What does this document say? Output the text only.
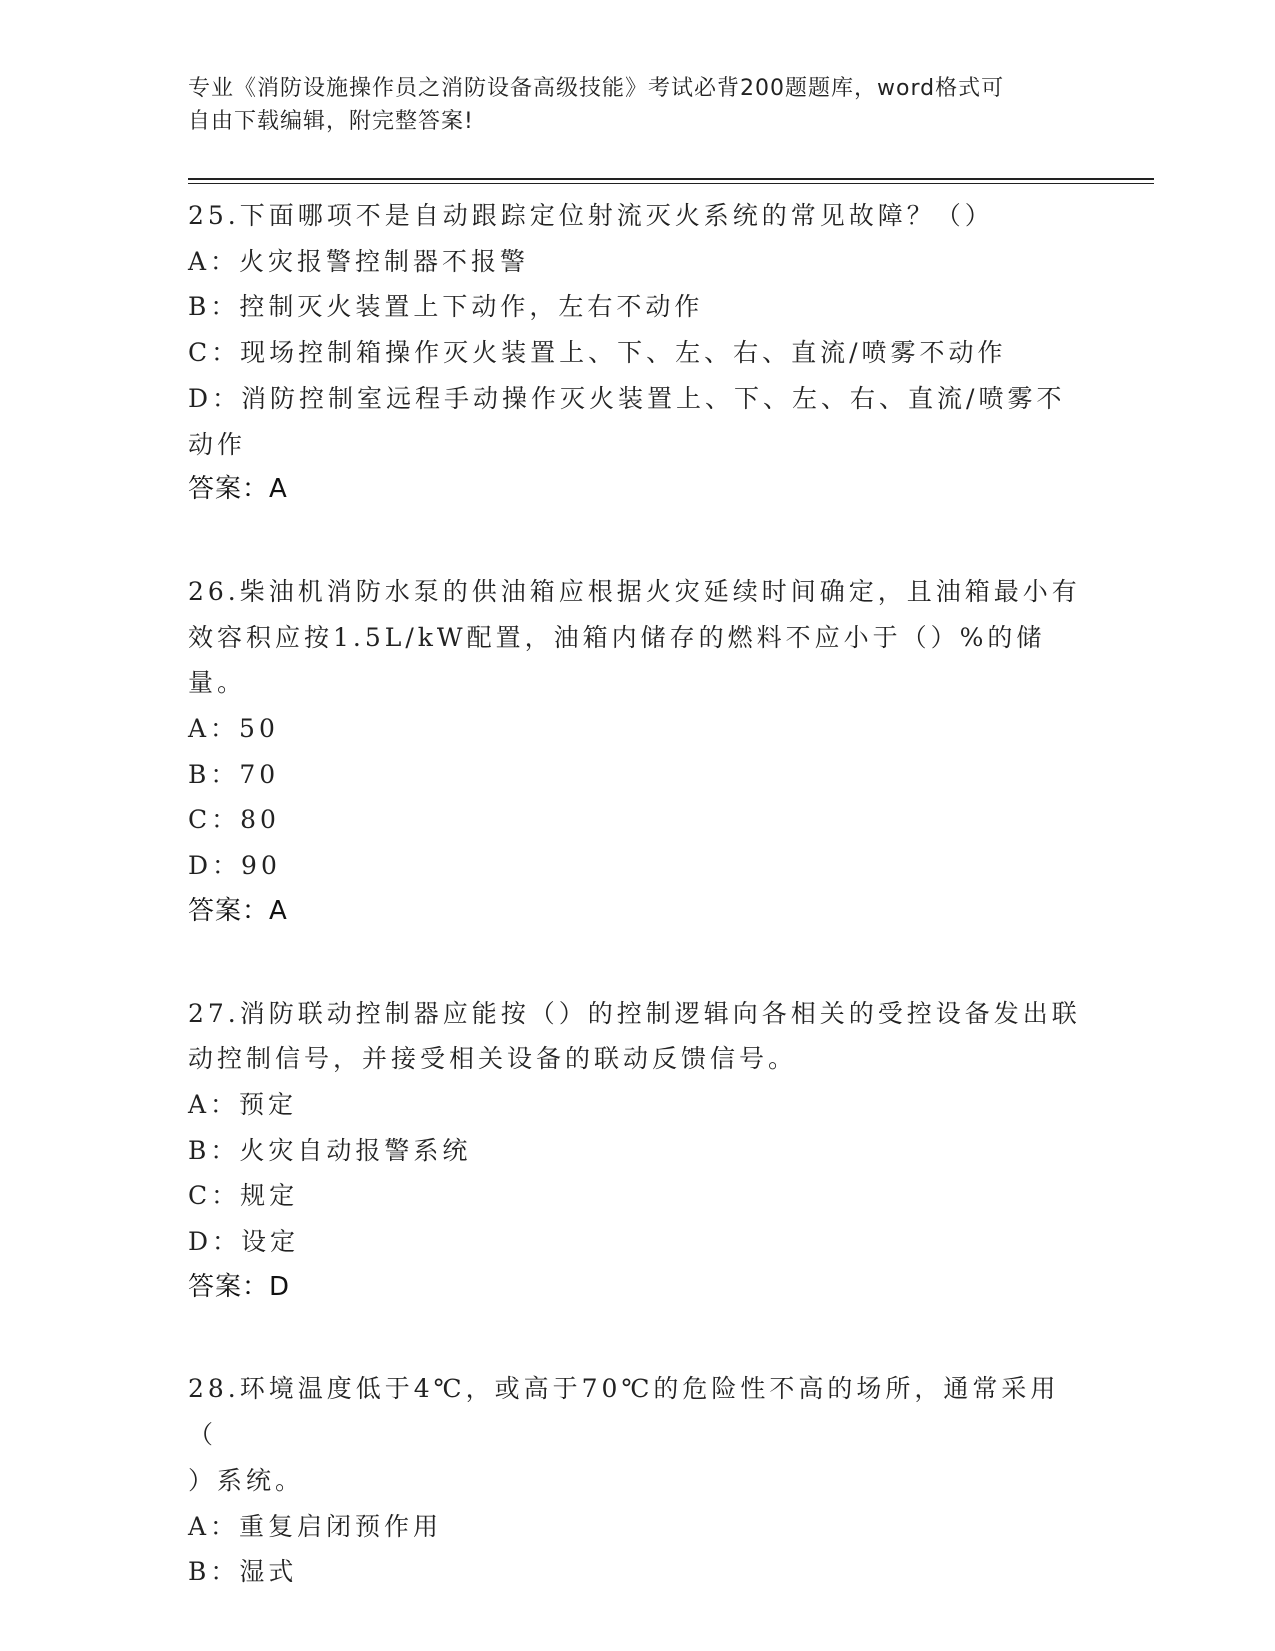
专业《消防设施操作员之消防设备高级技能》考试必背200题题库，word格式可
自由下载编辑，附完整答案!

25.下面哪项不是自动跟踪定位射流灭火系统的常见故障？（）

A：火灾报警控制器不报警

B：控制灭火装置上下动作，左右不动作

C：现场控制箱操作灭火装置上、下、左、右、直流/喷雾不动作

D：消防控制室远程手动操作灭火装置上、下、左、右、直流/喷雾不

动作

答案：A

26.柴油机消防水泵的供油箱应根据火灾延续时间确定，且油箱最小有

效容积应按1.5L/kW配置，油箱内储存的燃料不应小于（）%的储量。

A：50

B：70

C：80

D：90

答案：A

27.消防联动控制器应能按（）的控制逻辑向各相关的受控设备发出联

动控制信号，并接受相关设备的联动反馈信号。

A：预定

B：火灾自动报警系统

C：规定

D：设定

答案：D

28.环境温度低于4℃，或高于70℃的危险性不高的场所，通常采用（

）系统。

A：重复启闭预作用

B：湿式
